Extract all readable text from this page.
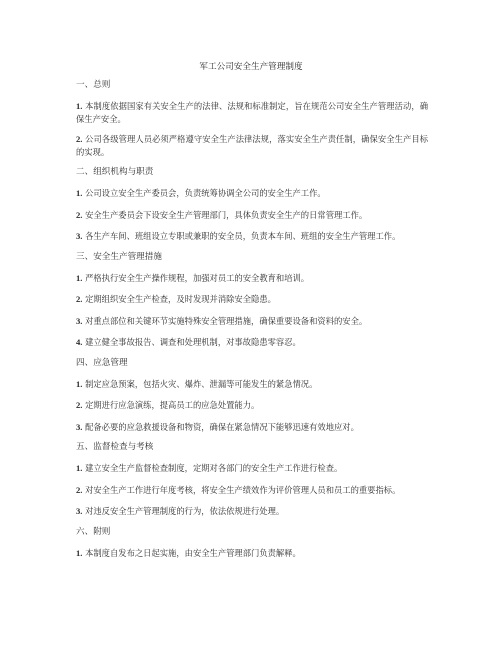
军工公司安全生产管理制度
一、总则
1. 本制度依据国家有关安全生产的法律、法规和标准制定，旨在规范公司安全生产管理活动，确保生产安全。
2. 公司各级管理人员必须严格遵守安全生产法律法规，落实安全生产责任制，确保安全生产目标的实现。
二、组织机构与职责
1. 公司设立安全生产委员会，负责统筹协调全公司的安全生产工作。
2. 安全生产委员会下设安全生产管理部门，具体负责安全生产的日常管理工作。
3. 各生产车间、班组设立专职或兼职的安全员，负责本车间、班组的安全生产管理工作。
三、安全生产管理措施
1. 严格执行安全生产操作规程，加强对员工的安全教育和培训。
2. 定期组织安全生产检查，及时发现并消除安全隐患。
3. 对重点部位和关键环节实施特殊安全管理措施，确保重要设备和资料的安全。
4. 建立健全事故报告、调查和处理机制，对事故隐患零容忍。
四、应急管理
1. 制定应急预案，包括火灾、爆炸、泄漏等可能发生的紧急情况。
2. 定期进行应急演练，提高员工的应急处置能力。
3. 配备必要的应急救援设备和物资，确保在紧急情况下能够迅速有效地应对。
五、监督检查与考核
1. 建立安全生产监督检查制度，定期对各部门的安全生产工作进行检查。
2. 对安全生产工作进行年度考核，将安全生产绩效作为评价管理人员和员工的重要指标。
3. 对违反安全生产管理制度的行为，依法依规进行处理。
六、附则
1. 本制度自发布之日起实施，由安全生产管理部门负责解释。
